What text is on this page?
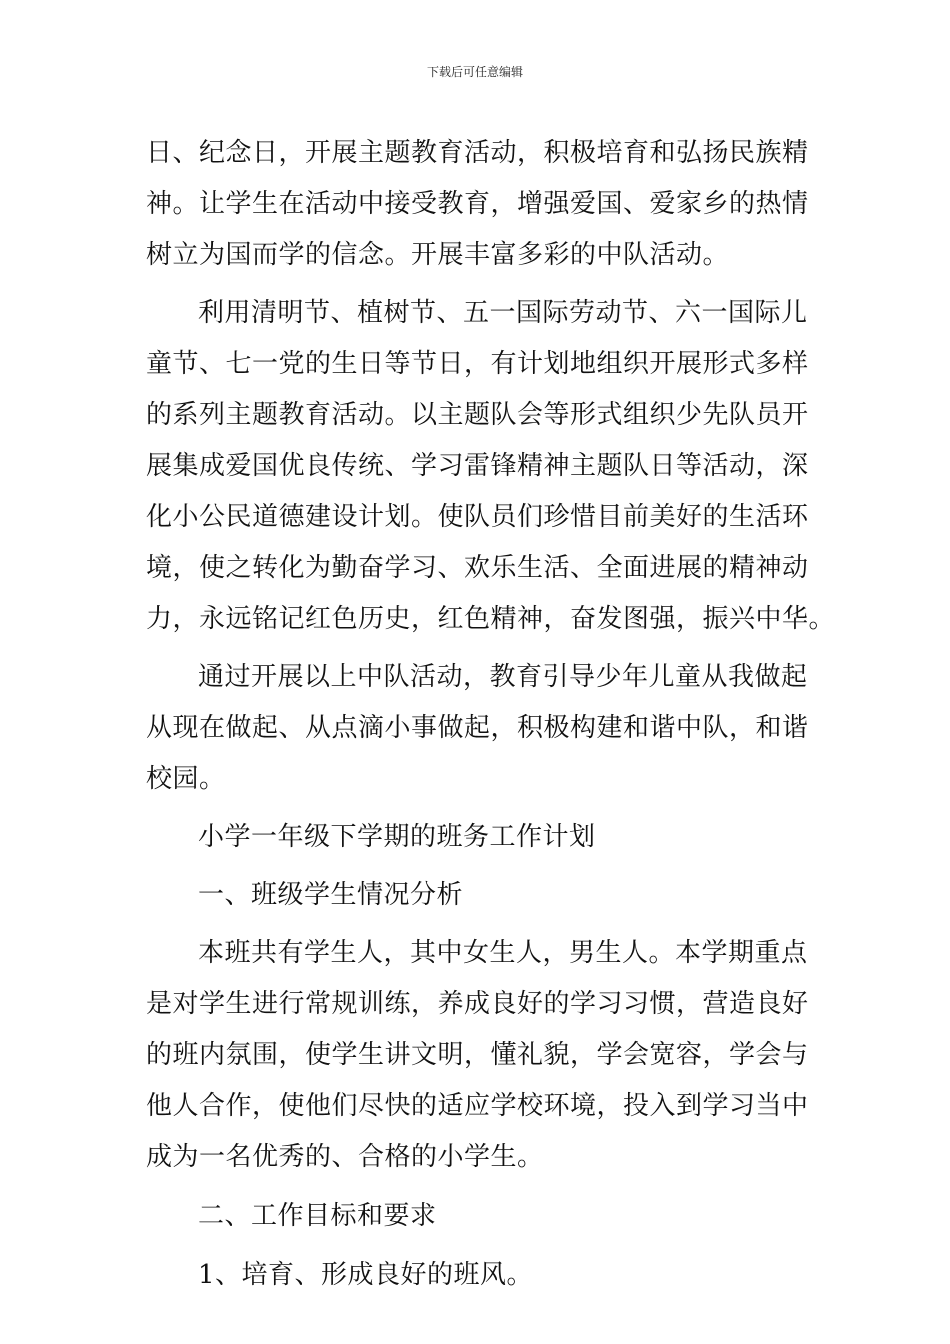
下载后可任意编辑
日、纪念日，开展主题教育活动，积极培育和弘扬民族精
神。让学生在活动中接受教育，增强爱国、爱家乡的热情
树立为国而学的信念。开展丰富多彩的中队活动。
利用清明节、植树节、五一国际劳动节、六一国际儿
童节、七一党的生日等节日，有计划地组织开展形式多样
的系列主题教育活动。以主题队会等形式组织少先队员开
展集成爱国优良传统、学习雷锋精神主题队日等活动，深
化小公民道德建设计划。使队员们珍惜目前美好的生活环
境，使之转化为勤奋学习、欢乐生活、全面进展的精神动
力，永远铭记红色历史，红色精神，奋发图强，振兴中华。
通过开展以上中队活动，教育引导少年儿童从我做起
从现在做起、从点滴小事做起，积极构建和谐中队，和谐
校园。
小学一年级下学期的班务工作计划
一、班级学生情况分析
本班共有学生人，其中女生人，男生人。本学期重点
是对学生进行常规训练，养成良好的学习习惯，营造良好
的班内氛围，使学生讲文明，懂礼貌，学会宽容，学会与
他人合作，使他们尽快的适应学校环境，投入到学习当中
成为一名优秀的、合格的小学生。
二、工作目标和要求
1、培育、形成良好的班风。
